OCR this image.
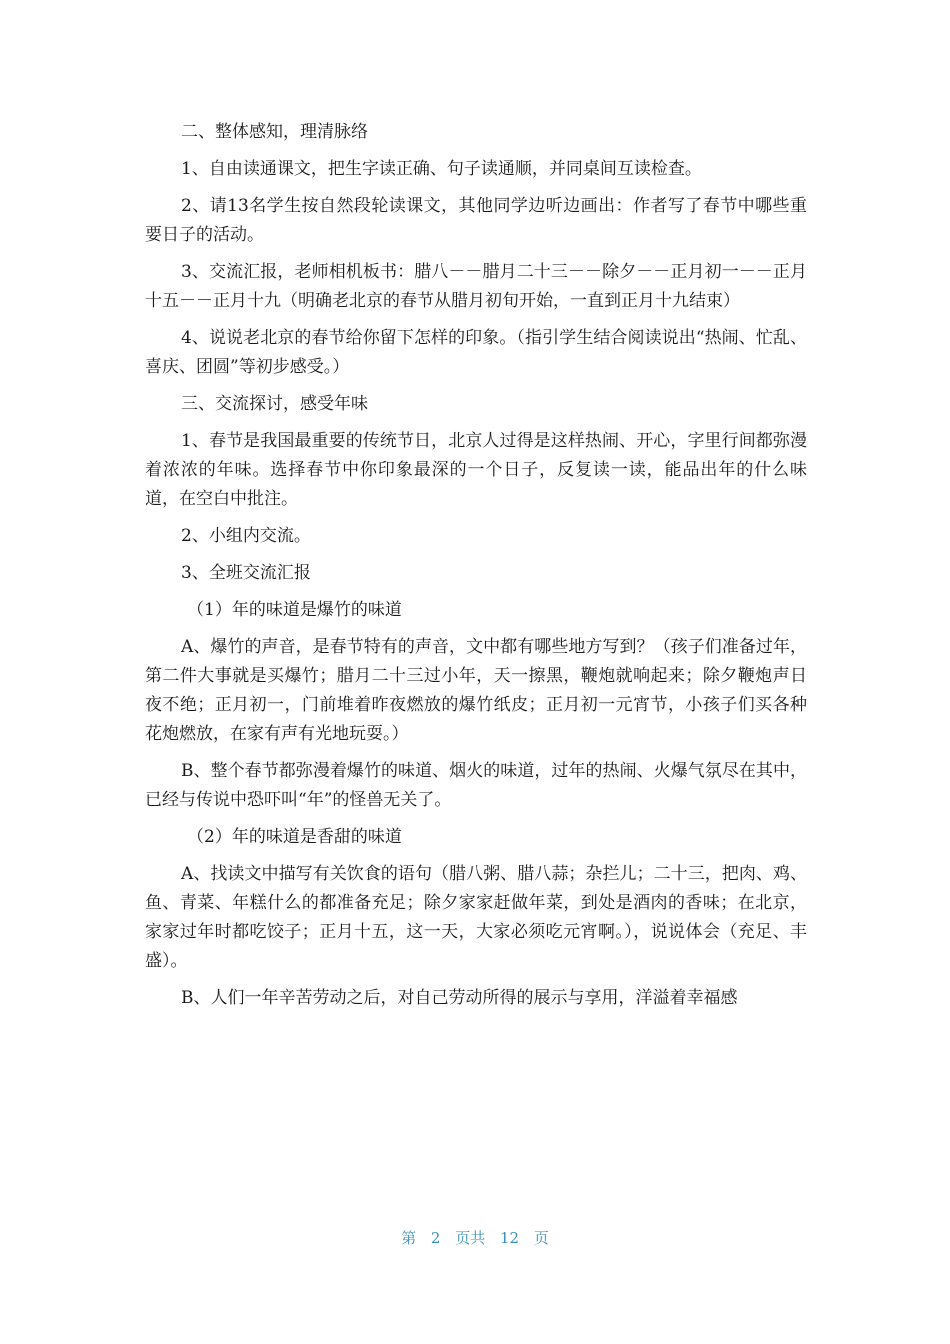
二、整体感知，理清脉络

1、自由读通课文，把生字读正确、句子读通顺，并同桌间互读检查。

2、请13名学生按自然段轮读课文，其他同学边听边画出：作者写了春节中哪些重要日子的活动。

3、交流汇报，老师相机板书：腊八－－腊月二十三－－除夕－－正月初一－－正月十五－－正月十九（明确老北京的春节从腊月初旬开始，一直到正月十九结束）

4、说说老北京的春节给你留下怎样的印象。（指引学生结合阅读说出“热闹、忙乱、喜庆、团圆”等初步感受。）

三、交流探讨，感受年味

1、春节是我国最重要的传统节日，北京人过得是这样热闹、开心，字里行间都弥漫着浓浓的年味。选择春节中你印象最深的一个日子，反复读一读，能品出年的什么味道，在空白中批注。

2、小组内交流。

3、全班交流汇报

（1）年的味道是爆竹的味道

A、爆竹的声音，是春节特有的声音，文中都有哪些地方写到？（孩子们准备过年，第二件大事就是买爆竹；腊月二十三过小年，天一擦黑，鞭炮就响起来；除夕鞭炮声日夜不绝；正月初一，门前堆着昨夜燃放的爆竹纸皮；正月初一元宵节，小孩子们买各种花炮燃放，在家有声有光地玩耍。）

B、整个春节都弥漫着爆竹的味道、烟火的味道，过年的热闹、火爆气氛尽在其中，已经与传说中恐吓叫“年”的怪兽无关了。

（2）年的味道是香甜的味道

A、找读文中描写有关饮食的语句（腊八粥、腊八蒜；杂拦儿；二十三，把肉、鸡、鱼、青菜、年糕什么的都准备充足；除夕家家赶做年菜，到处是酒肉的香味；在北京，家家过年时都吃饺子；正月十五，这一天，大家必须吃元宵啊。），说说体会（充足、丰盛）。

B、人们一年辛苦劳动之后，对自己劳动所得的展示与享用，洋溢着幸福感

第 2 页共 12 页
